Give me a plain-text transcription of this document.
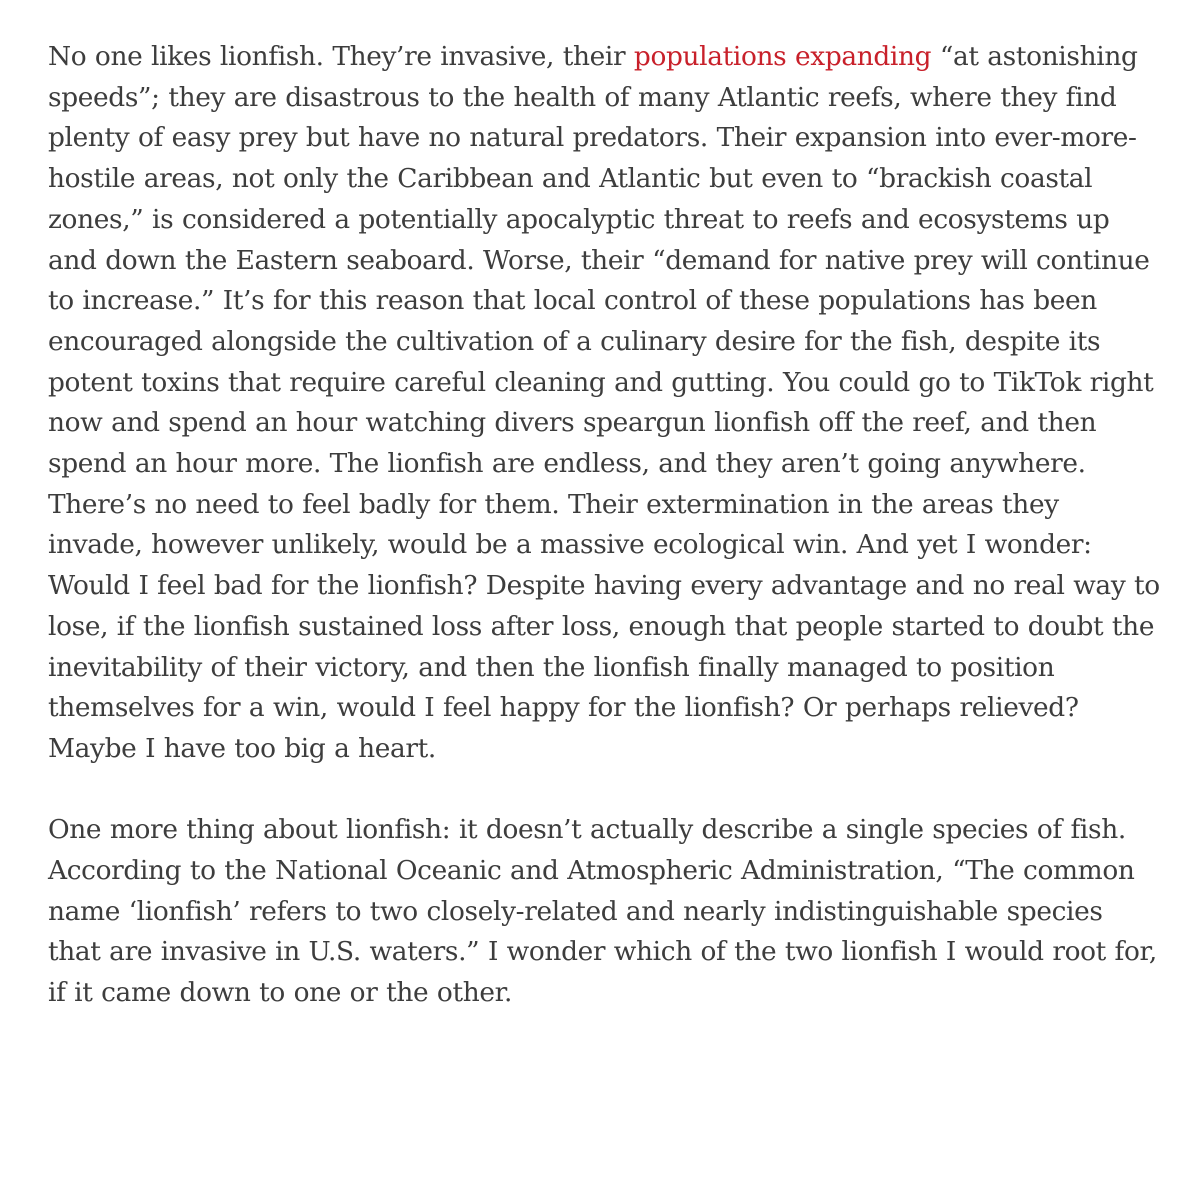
No one likes lionfish. They’re invasive, their populations expanding “at astonishing speeds”; they are disastrous to the health of many Atlantic reefs, where they find plenty of easy prey but have no natural predators. Their expansion into ever-more-hostile areas, not only the Caribbean and Atlantic but even to “brackish coastal zones,” is considered a potentially apocalyptic threat to reefs and ecosystems up and down the Eastern seaboard. Worse, their “demand for native prey will continue to increase.” It’s for this reason that local control of these populations has been encouraged alongside the cultivation of a culinary desire for the fish, despite its potent toxins that require careful cleaning and gutting. You could go to TikTok right now and spend an hour watching divers speargun lionfish off the reef, and then spend an hour more. The lionfish are endless, and they aren’t going anywhere. There’s no need to feel badly for them. Their extermination in the areas they invade, however unlikely, would be a massive ecological win. And yet I wonder: Would I feel bad for the lionfish? Despite having every advantage and no real way to lose, if the lionfish sustained loss after loss, enough that people started to doubt the inevitability of their victory, and then the lionfish finally managed to position themselves for a win, would I feel happy for the lionfish? Or perhaps relieved? Maybe I have too big a heart.

One more thing about lionfish: it doesn’t actually describe a single species of fish. According to the National Oceanic and Atmospheric Administration, “The common name ‘lionfish’ refers to two closely-related and nearly indistinguishable species that are invasive in U.S. waters.” I wonder which of the two lionfish I would root for, if it came down to one or the other.
